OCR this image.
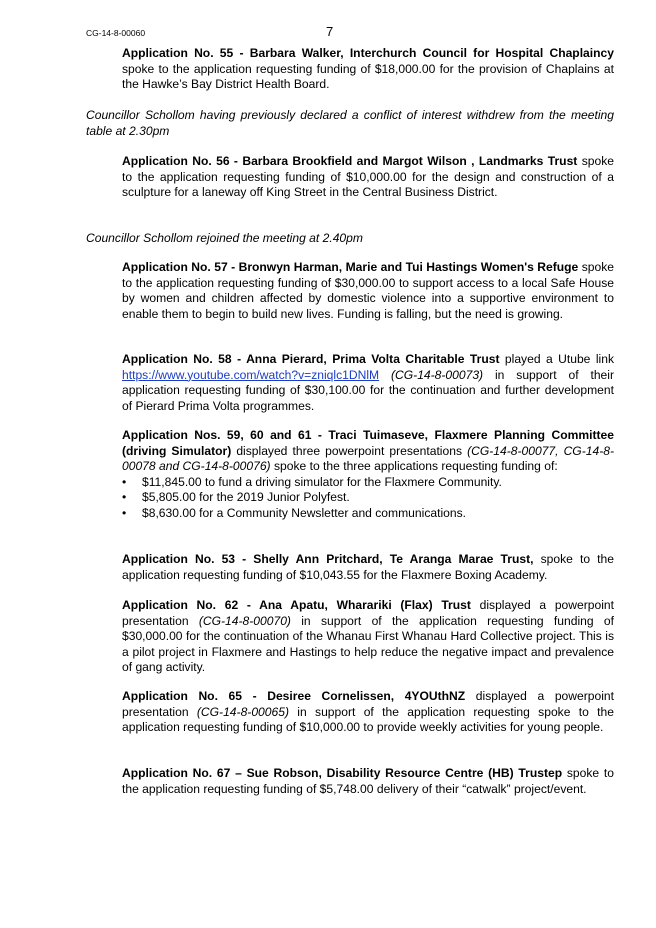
CG-14-8-00060	7
Application No. 55 - Barbara Walker, Interchurch Council for Hospital Chaplaincy spoke to the application requesting funding of $18,000.00 for the provision of Chaplains at the Hawke’s Bay District Health Board.
Councillor Schollom having previously declared a conflict of interest withdrew from the meeting table at 2.30pm
Application No. 56 - Barbara Brookfield and Margot Wilson , Landmarks Trust spoke to the application requesting funding of $10,000.00 for the design and construction of a sculpture for a laneway off King Street in the Central Business District.
Councillor Schollom rejoined the meeting at 2.40pm
Application No. 57 - Bronwyn Harman, Marie and Tui Hastings Women's Refuge spoke to the application requesting funding of $30,000.00 to support access to a local Safe House by women and children affected by domestic violence into a supportive environment to enable them to begin to build new lives. Funding is falling, but the need is growing.
Application No. 58 - Anna Pierard, Prima Volta Charitable Trust played a Utube link https://www.youtube.com/watch?v=zniqlc1DNlM (CG-14-8-00073) in support of their application requesting funding of $30,100.00 for the continuation and further development of Pierard Prima Volta programmes.
Application Nos. 59, 60 and 61 - Traci Tuimaseve, Flaxmere Planning Committee (driving Simulator) displayed three powerpoint presentations (CG-14-8-00077, CG-14-8-00078 and CG-14-8-00076) spoke to the three applications requesting funding of:
• $11,845.00 to fund a driving simulator for the Flaxmere Community.
• $5,805.00 for the 2019 Junior Polyfest.
• $8,630.00 for a Community Newsletter and communications.
Application No. 53 - Shelly Ann Pritchard, Te Aranga Marae Trust, spoke to the application requesting funding of $10,043.55 for the Flaxmere Boxing Academy.
Application No. 62 - Ana Apatu, Wharariki (Flax) Trust displayed a powerpoint presentation (CG-14-8-00070) in support of the application requesting funding of $30,000.00 for the continuation of the Whanau First Whanau Hard Collective project. This is a pilot project in Flaxmere and Hastings to help reduce the negative impact and prevalence of gang activity.
Application No. 65 - Desiree Cornelissen, 4YOUthNZ displayed a powerpoint presentation (CG-14-8-00065) in support of the application requesting spoke to the application requesting funding of $10,000.00 to provide weekly activities for young people.
Application No. 67 – Sue Robson, Disability Resource Centre (HB) Trustep spoke to the application requesting funding of $5,748.00 delivery of their “catwalk” project/event.
